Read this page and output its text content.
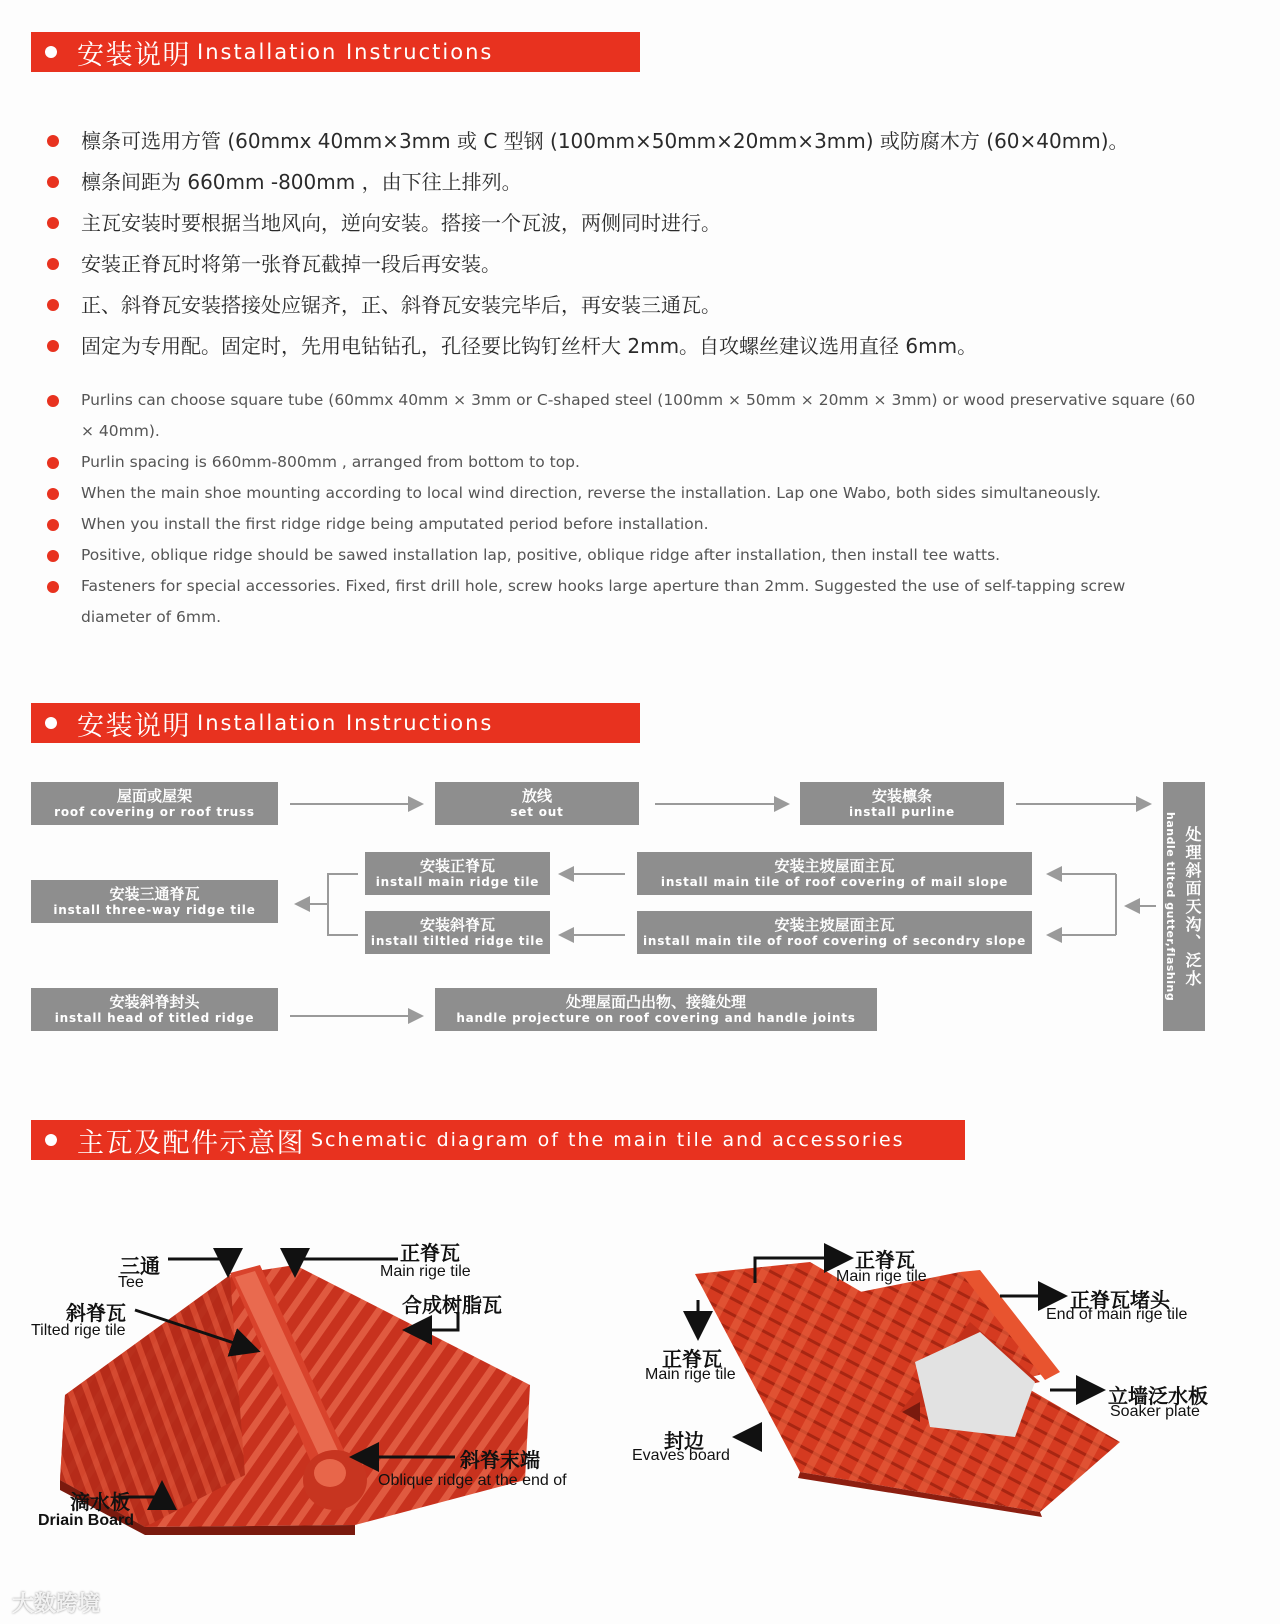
安装说明 Installation Instructions
檩条可选用方管 (60mmx 40mm×3mm 或 C 型钢 (100mm×50mm×20mm×3mm) 或防腐木方 (60×40mm)。
檩条间距为 660mm -800mm ，由下往上排列。
主瓦安装时要根据当地风向，逆向安装。搭接一个瓦波，两侧同时进行。
安装正脊瓦时将第一张脊瓦截掉一段后再安装。
正、斜脊瓦安装搭接处应锯齐，正、斜脊瓦安装完毕后，再安装三通瓦。
固定为专用配。固定时，先用电钻钻孔，孔径要比钩钉丝杆大 2mm。自攻螺丝建议选用直径 6mm。
Purlins can choose square tube (60mmx 40mm × 3mm or C-shaped steel (100mm × 50mm × 20mm × 3mm) or wood preservative square (60 × 40mm).
Purlin spacing is 660mm-800mm , arranged from bottom to top.
When the main shoe mounting according to local wind direction, reverse the installation. Lap one Wabo, both sides simultaneously.
When you install the first ridge ridge being amputated period before installation.
Positive, oblique ridge should be sawed installation lap, positive, oblique ridge after installation, then install tee watts.
Fasteners for special accessories. Fixed, first drill hole, screw hooks large aperture than 2mm. Suggested the use of self-tapping screw diameter of 6mm.
安装说明 Installation Instructions
屋面或屋架
roof covering or roof truss
放线
set out
安装檩条
install purline
处理斜面天沟、泛水
handle tilted gutter,flashing
安装主坡屋面主瓦
install main tile of roof covering of mail slope
安装主坡屋面主瓦
install main tile of roof covering of secondry slope
安装正脊瓦
install main ridge tile
安装斜脊瓦
install tiltled ridge tile
安装三通脊瓦
install three-way ridge tile
安装斜脊封头
install head of titled ridge
处理屋面凸出物、接缝处理
handle projecture on roof covering and handle joints
主瓦及配件示意图 Schematic diagram of the main tile and accessories
三通
Tee
斜脊瓦
Tilted rige tile
正脊瓦
Main rige tile
合成树脂瓦
斜脊末端
Oblique ridge at the end of
滴水板
Driain Board
正脊瓦
Main rige tile
正脊瓦堵头
End of main rige tile
正脊瓦
Main rige tile
立墙泛水板
Soaker plate
封边
Evaves board
大数跨境
